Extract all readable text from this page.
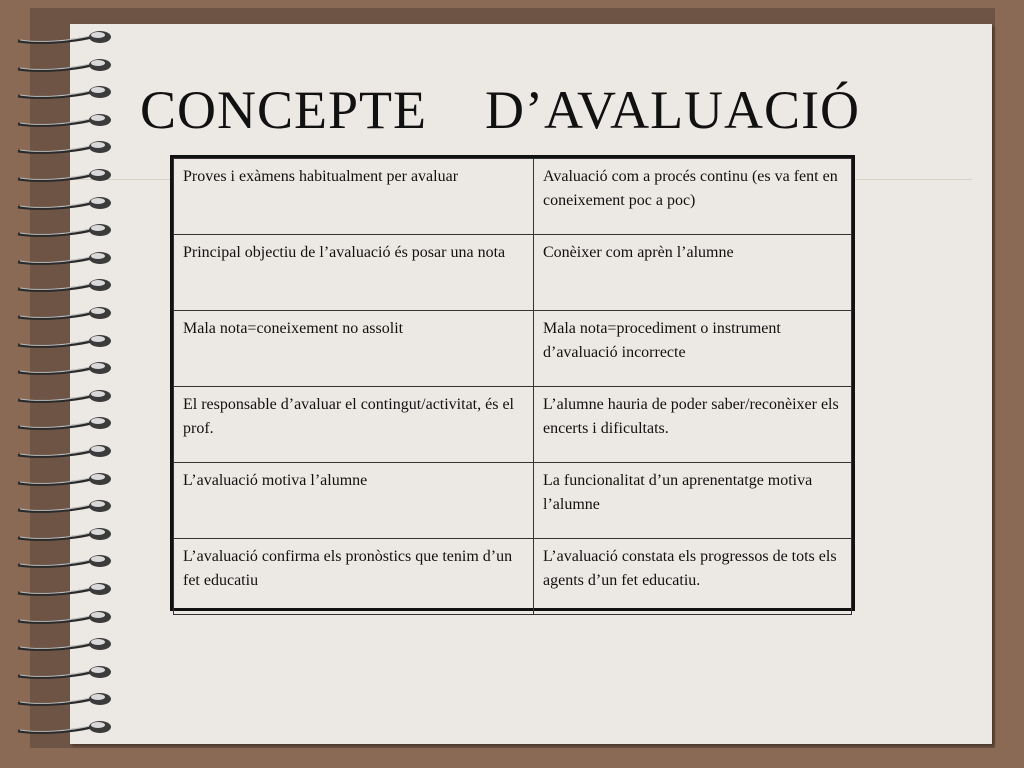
CONCEPTE    D’AVALUACIÓ
Proves i exàmens habitualment per avaluar	Avaluació com a procés continu (es va fent en coneixement poc a poc)
Principal objectiu de l’avaluació és posar una nota	Conèixer com aprèn l’alumne
Mala nota=coneixement no assolit	Mala nota=procediment o instrument d’avaluació incorrecte
El responsable d’avaluar el contingut/activitat, és el prof.	L’alumne hauria de poder saber/reconèixer els encerts i dificultats.
L’avaluació motiva l’alumne	La funcionalitat d’un aprenentatge motiva l’alumne
L’avaluació confirma els pronòstics que tenim d’un fet educatiu	L’avaluació constata els progressos de tots els agents d’un fet educatiu.
